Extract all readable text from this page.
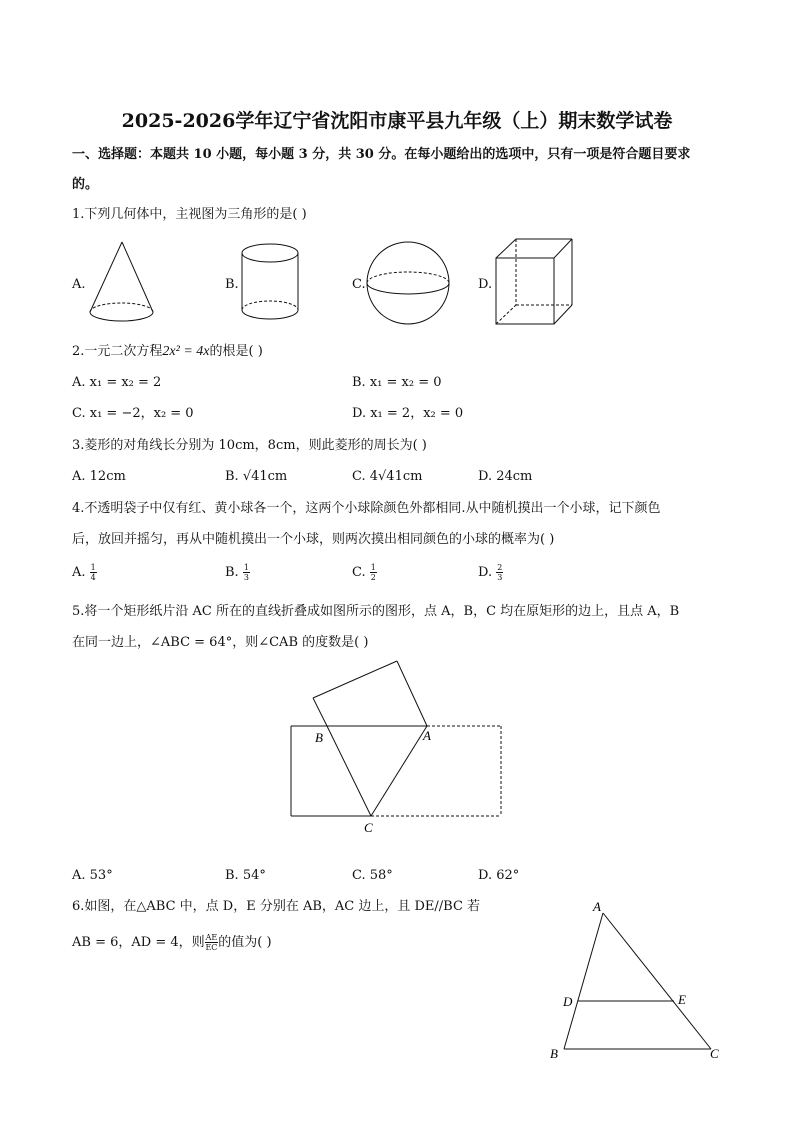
2025-2026学年辽宁省沈阳市康平县九年级（上）期末数学试卷
一、选择题：本题共 10 小题，每小题 3 分，共 30 分。在每小题给出的选项中，只有一项是符合题目要求
的。
1.下列几何体中，主视图为三角形的是( )
A.	B.	C.	D.
2.一元二次方程2x² = 4x的根是( )
A. x₁ = x₂ = 2	B. x₁ = x₂ = 0
C. x₁ = −2，x₂ = 0	D. x₁ = 2，x₂ = 0
3.菱形的对角线长分别为 10cm，8cm，则此菱形的周长为( )
A. 12cm	B. √41cm	C. 4√41cm	D. 24cm
4.不透明袋子中仅有红、黄小球各一个，这两个小球除颜色外都相同.从中随机摸出一个小球，记下颜色
后，放回并摇匀，再从中随机摸出一个小球，则两次摸出相同颜色的小球的概率为( )
A. $\frac{1}{4}$	B. $\frac{1}{3}$	C. $\frac{1}{2}$	D. $\frac{2}{3}$
5.将一个矩形纸片沿 AC 所在的直线折叠成如图所示的图形，点 A，B，C 均在原矩形的边上，且点 A，B
在同一边上，∠ABC = 64°，则∠CAB 的度数是( )
B	A
C
A. 53°	B. 54°	C. 58°	D. 62°
6.如图，在△ABC 中，点 D，E 分别在 AB，AC 边上，且 DE//BC 若
AB = 6，AD = 4，则 $\frac{AE}{EC}$ 的值为( )
A
D	E
B	C
